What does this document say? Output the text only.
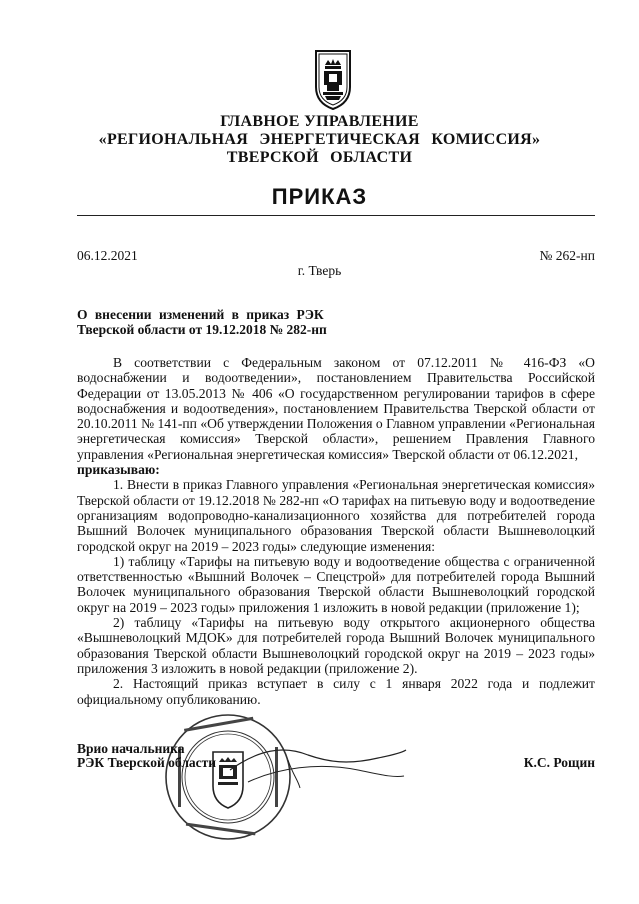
ГЛАВНОЕ УПРАВЛЕНИЕ
«РЕГИОНАЛЬНАЯ ЭНЕРГЕТИЧЕСКАЯ КОМИССИЯ»
ТВЕРСКОЙ ОБЛАСТИ
ПРИКАЗ
06.12.2021	№ 262-нп
г. Тверь
О внесении изменений в приказ РЭК
Тверской области от 19.12.2018 № 282-нп

В соответствии с Федеральным законом от 07.12.2011 № 416-ФЗ «О водоснабжении и водоотведении», постановлением Правительства Российской Федерации от 13.05.2013 № 406 «О государственном регулировании тарифов в сфере водоснабжения и водоотведения», постановлением Правительства Тверской области от 20.10.2011 № 141-пп «Об утверждении Положения о Главном управлении «Региональная энергетическая комиссия» Тверской области», решением Правления Главного управления «Региональная энергетическая комиссия» Тверской области от 06.12.2021,

приказываю:

1. Внести в приказ Главного управления «Региональная энергетическая комиссия» Тверской области от 19.12.2018 № 282-нп «О тарифах на питьевую воду и водоотведение организациям водопроводно-канализационного хозяйства для потребителей города Вышний Волочек муниципального образования Тверской области Вышневолоцкий городской округ на 2019 – 2023 годы» следующие изменения:

1) таблицу «Тарифы на питьевую воду и водоотведение общества с ограниченной ответственностью «Вышний Волочек – Спецстрой» для потребителей города Вышний Волочек муниципального образования Тверской области Вышневолоцкий городской округ на 2019 – 2023 годы» приложения 1 изложить в новой редакции (приложение 1);

2) таблицу «Тарифы на питьевую воду открытого акционерного общества «Вышневолоцкий МДОК» для потребителей города Вышний Волочек муниципального образования Тверской области Вышневолоцкий городской округ на 2019 – 2023 годы» приложения 3 изложить в новой редакции (приложение 2).

2. Настоящий приказ вступает в силу с 1 января 2022 года и подлежит официальному опубликованию.

Врио начальника
РЭК Тверской области	К.С. Рощин
